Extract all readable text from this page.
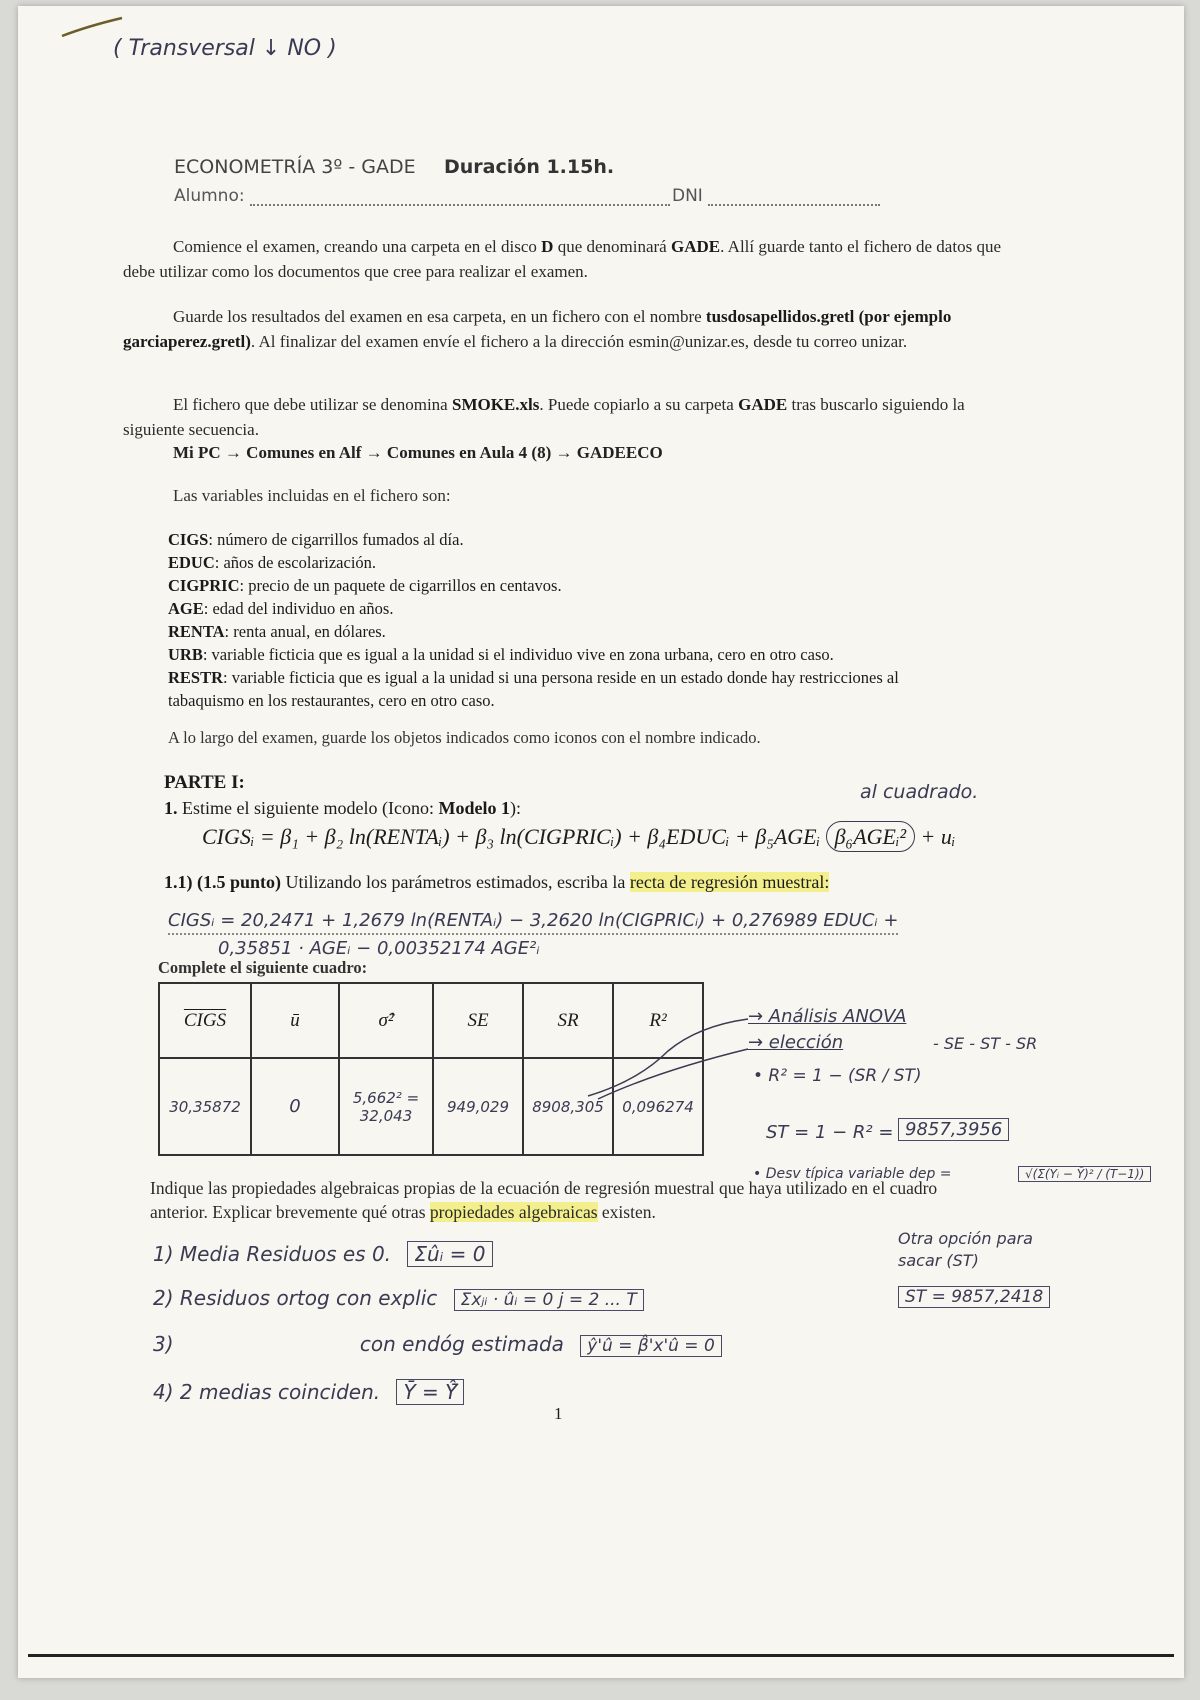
( Transversal ↓ NO )
ECONOMETRÍA 3º - GADE Duración 1.15h.
Alumno:	DNI
Comience el examen, creando una carpeta en el disco D que denominará GADE. Allí guarde tanto el fichero de datos que debe utilizar como los documentos que cree para realizar el examen.
Guarde los resultados del examen en esa carpeta, en un fichero con el nombre tusdosapellidos.gretl (por ejemplo garciaperez.gretl). Al finalizar del examen envíe el fichero a la dirección esmin@unizar.es, desde tu correo unizar.
El fichero que debe utilizar se denomina SMOKE.xls. Puede copiarlo a su carpeta GADE tras buscarlo siguiendo la siguiente secuencia.
Mi PC → Comunes en Alf → Comunes en Aula 4 (8) → GADEECO
Las variables incluidas en el fichero son:
CIGS: número de cigarrillos fumados al día.
EDUC: años de escolarización.
CIGPRIC: precio de un paquete de cigarrillos en centavos.
AGE: edad del individuo en años.
RENTA: renta anual, en dólares.
URB: variable ficticia que es igual a la unidad si el individuo vive en zona urbana, cero en otro caso.
RESTR: variable ficticia que es igual a la unidad si una persona reside en un estado donde hay restricciones al tabaquismo en los restaurantes, cero en otro caso.
A lo largo del examen, guarde los objetos indicados como iconos con el nombre indicado.
PARTE I:	al cuadrado.
1. Estime el siguiente modelo (Icono: Modelo 1):
CIGSᵢ = β₁ + β₂ ln(RENTAᵢ) + β₃ ln(CIGPRICᵢ) + β₄EDUCᵢ + β₅AGEᵢ β₆AGEᵢ² + uᵢ
1.1) (1.5 punto) Utilizando los parámetros estimados, escriba la recta de regresión muestral:
CIGSᵢ = 20,2471 + 1,2679 ln(RENTAᵢ) − 3,2620 ln(CIGPRICᵢ) + 0,276989 EDUCᵢ +
0,35851 · AGEᵢ − 0,00352174 AGE²ᵢ
Complete el siguiente cuadro:
CIGS	ū	σ̂²	SE	SR	R²
30,35872	0	5,662² = 32,043	949,029	8908,305	0,096274
→ Análisis ANOVA
→ elección	- SE - ST - SR
• R² = 1 − (SR / ST)
ST = 1 − R² = 9857,3956
• Desv típica variable dep =	√(Σ(Yᵢ − Ȳ)² / (T−1))
Indique las propiedades algebraicas propias de la ecuación de regresión muestral que haya utilizado en el cuadro anterior. Explicar brevemente qué otras propiedades algebraicas existen.
Otra opción para sacar (ST)
ST = 9857,2418
1) Media Residuos es 0. Σûᵢ = 0
2) Residuos ortog con explic Σxⱼᵢ · ûᵢ = 0 j = 2 ... T
3)	con endóg estimada ŷ'û = β̂'x'û = 0
4) 2 medias coinciden. Ȳ = Ŷ̄
1
